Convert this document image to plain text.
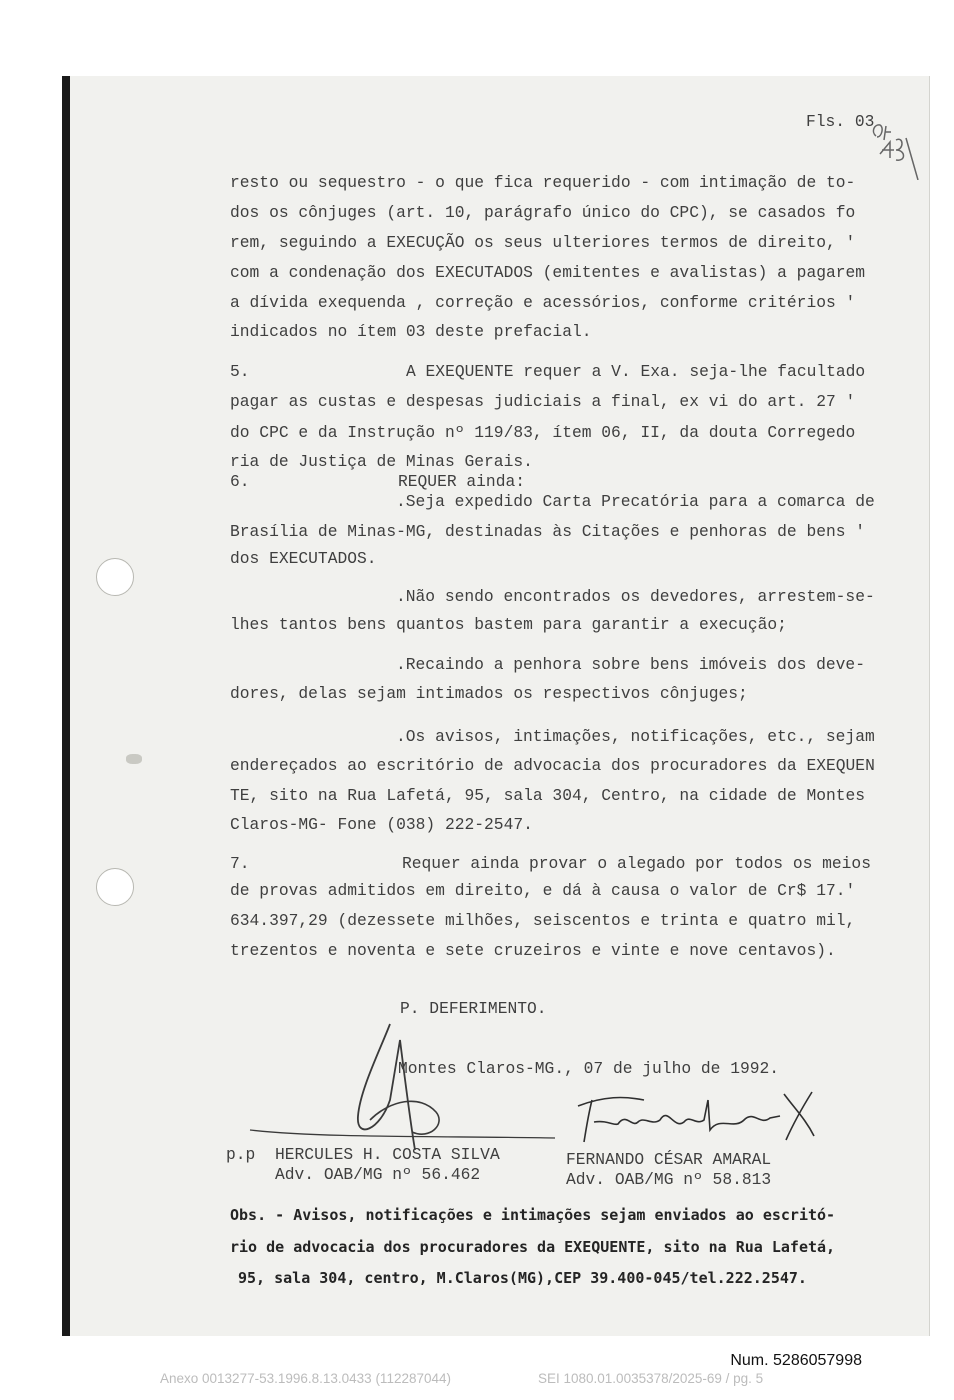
Fls. 03

resto ou sequestro - o que fica requerido - com intimação de to-

dos os cônjuges (art. 10, parágrafo único do CPC), se casados fo

rem, seguindo a EXECUÇÃO os seus ulteriores termos de direito, '

com a condenação dos EXECUTADOS (emitentes e avalistas) a pagarem

a dívida exequenda , correção e acessórios, conforme critérios '

indicados no ítem 03 deste prefacial.

5.	A EXEQUENTE requer a V. Exa. seja-lhe facultado

pagar as custas e despesas judiciais a final, ex vi do art. 27 '

do CPC e da Instrução nº 119/83, ítem 06, II, da douta Corregedo

ria de Justiça de Minas Gerais.

6.	REQUER ainda:

.Seja expedido Carta Precatória para a comarca de

Brasília de Minas-MG, destinadas às Citações e penhoras de bens '

dos EXECUTADOS.

.Não sendo encontrados os devedores, arrestem-se-

lhes tantos bens quantos bastem para garantir a execução;

.Recaindo a penhora sobre bens imóveis dos deve-

dores, delas sejam intimados os respectivos cônjuges;

.Os avisos, intimações, notificações, etc., sejam

endereçados ao escritório de advocacia dos procuradores da EXEQUEN

TE, sito na Rua Lafetá, 95, sala 304, Centro, na cidade de Montes

Claros-MG- Fone (038) 222-2547.

7.	Requer ainda provar o alegado por todos os meios

de provas admitidos em direito, e dá à causa o valor de Cr$ 17.'

634.397,29 (dezessete milhões, seiscentos e trinta e quatro mil,

trezentos e noventa e sete cruzeiros e vinte e nove centavos).

P. DEFERIMENTO.

Montes Claros-MG., 07 de julho de 1992.

p.p HERCULES H. COSTA SILVA

Adv. OAB/MG nº 56.462

FERNANDO CÉSAR AMARAL

Adv. OAB/MG nº 58.813

Obs. - Avisos, notificações e intimações sejam enviados ao escritó-

rio de advocacia dos procuradores da EXEQUENTE, sito na Rua Lafetá,

95, sala 304, centro, M.Claros(MG),CEP 39.400-045/tel.222.2547.

Num. 5286057998
Anexo 0013277-53.1996.8.13.0433 (112287044)	SEI 1080.01.0035378/2025-69 / pg. 5
